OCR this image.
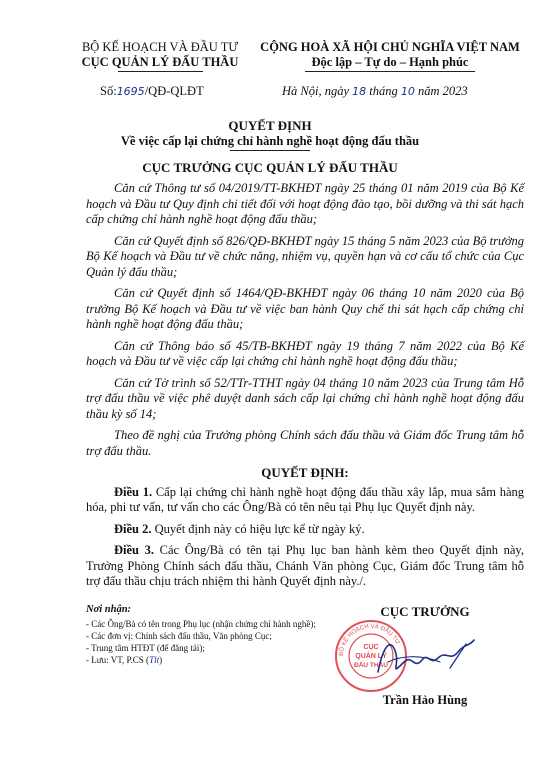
BỘ KẾ HOẠCH VÀ ĐẦU TƯ
CỤC QUẢN LÝ ĐẤU THẦU
CỘNG HOÀ XÃ HỘI CHỦ NGHĨA VIỆT NAM
Độc lập – Tự do – Hạnh phúc
Số:1695/QĐ-QLĐT	Hà Nội, ngày 18 tháng 10 năm 2023
QUYẾT ĐỊNH
Về việc cấp lại chứng chỉ hành nghề hoạt động đấu thầu
CỤC TRƯỞNG CỤC QUẢN LÝ ĐẤU THẦU

Căn cứ Thông tư số 04/2019/TT-BKHĐT ngày 25 tháng 01 năm 2019 của Bộ Kế hoạch và Đầu tư Quy định chi tiết đối với hoạt động đào tạo, bồi dưỡng và thi sát hạch cấp chứng chỉ hành nghề hoạt động đấu thầu;

Căn cứ Quyết định số 826/QĐ-BKHĐT ngày 15 tháng 5 năm 2023 của Bộ trưởng Bộ Kế hoạch và Đầu tư về chức năng, nhiệm vụ, quyền hạn và cơ cấu tổ chức của Cục Quản lý đấu thầu;

Căn cứ Quyết định số 1464/QĐ-BKHĐT ngày 06 tháng 10 năm 2020 của Bộ trưởng Bộ Kế hoạch và Đầu tư về việc ban hành Quy chế thi sát hạch cấp chứng chỉ hành nghề hoạt động đấu thầu;

Căn cứ Thông báo số 45/TB-BKHĐT ngày 19 tháng 7 năm 2022 của Bộ Kế hoạch và Đầu tư về việc cấp lại chứng chỉ hành nghề hoạt động đấu thầu;

Căn cứ Tờ trình số 52/TTr-TTHT ngày 04 tháng 10 năm 2023 của Trung tâm Hỗ trợ đấu thầu về việc phê duyệt danh sách cấp lại chứng chỉ hành nghề hoạt động đấu thầu kỳ số 14;

Theo đề nghị của Trưởng phòng Chính sách đấu thầu và Giám đốc Trung tâm hỗ trợ đấu thầu.

QUYẾT ĐỊNH:
Điều 1. Cấp lại chứng chỉ hành nghề hoạt động đấu thầu xây lắp, mua sắm hàng hóa, phi tư vấn, tư vấn cho các Ông/Bà có tên nêu tại Phụ lục Quyết định này.
Điều 2. Quyết định này có hiệu lực kể từ ngày ký.
Điều 3. Các Ông/Bà có tên tại Phụ lục ban hành kèm theo Quyết định này, Trưởng Phòng Chính sách đấu thầu, Chánh Văn phòng Cục, Giám đốc Trung tâm hỗ trợ đấu thầu chịu trách nhiệm thi hành Quyết định này./.
Nơi nhận:
- Các Ông/Bà có tên trong Phụ lục (nhận chứng chỉ hành nghề);
- Các đơn vị: Chính sách đấu thầu, Văn phòng Cục;
- Trung tâm HTĐT (để đăng tải);
- Lưu: VT, P.CS (Tlt)
CỤC TRƯỞNG
BỘ KẾ HOẠCH VÀ ĐẦU TƯ
CỤC
QUẢN LÝ
ĐẤU THẦU
Trần Hảo Hùng
